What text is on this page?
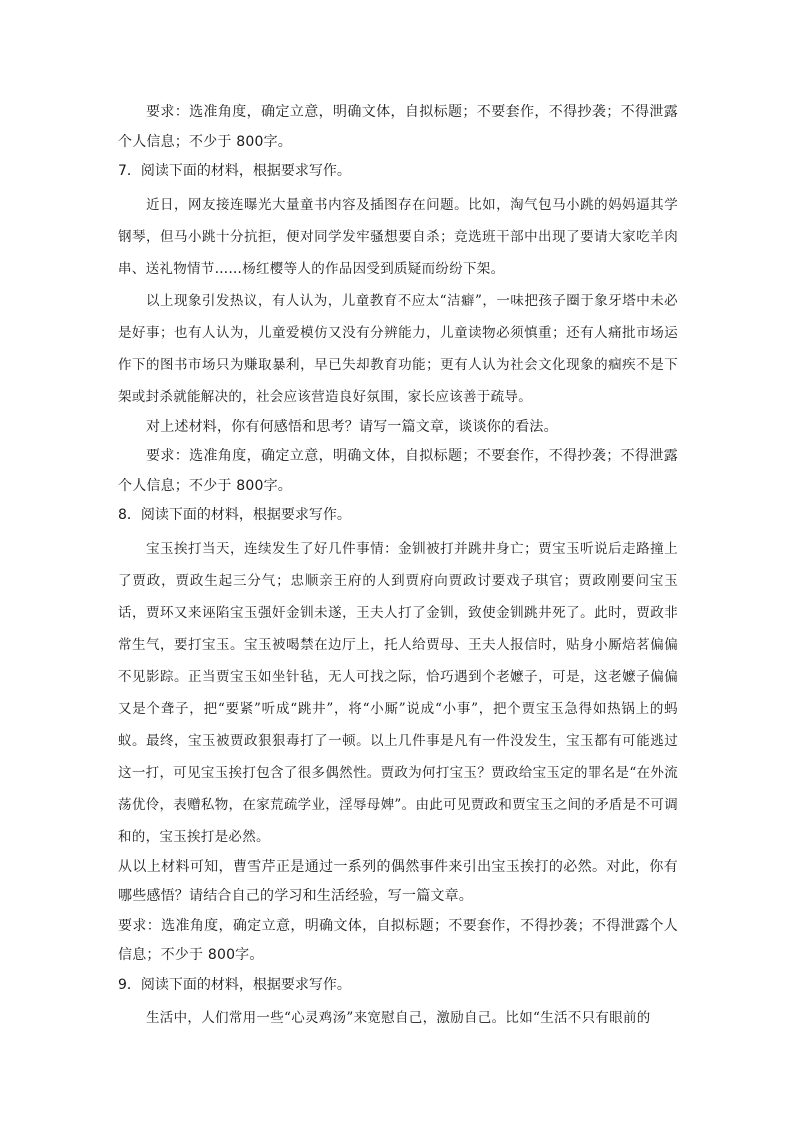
要求：选准角度，确定立意，明确文体，自拟标题；不要套作，不得抄袭；不得泄露个人信息；不少于 800字。

7．阅读下面的材料，根据要求写作。

近日，网友接连曝光大量童书内容及插图存在问题。比如，淘气包马小跳的妈妈逼其学钢琴，但马小跳十分抗拒，便对同学发牢骚想要自杀；竞选班干部中出现了要请大家吃羊肉串、送礼物情节……杨红樱等人的作品因受到质疑而纷纷下架。

以上现象引发热议，有人认为，儿童教育不应太“洁癖”，一味把孩子圈于象牙塔中未必是好事；也有人认为，儿童爱模仿又没有分辨能力，儿童读物必须慎重；还有人痛批市场运作下的图书市场只为赚取暴利，早已失却教育功能；更有人认为社会文化现象的痼疾不是下架或封杀就能解决的，社会应该营造良好氛围，家长应该善于疏导。

对上述材料，你有何感悟和思考？请写一篇文章，谈谈你的看法。

要求：选准角度，确定立意，明确文体，自拟标题；不要套作，不得抄袭；不得泄露个人信息；不少于 800字。

8．阅读下面的材料，根据要求写作。

宝玉挨打当天，连续发生了好几件事情：金钏被打并跳井身亡；贾宝玉听说后走路撞上了贾政，贾政生起三分气；忠顺亲王府的人到贾府向贾政讨要戏子琪官；贾政刚要问宝玉话，贾环又来诬陷宝玉强奸金钏未遂，王夫人打了金钏，致使金钏跳井死了。此时，贾政非常生气，要打宝玉。宝玉被喝禁在边厅上，托人给贾母、王夫人报信时，贴身小厮焙茗偏偏不见影踪。正当贾宝玉如坐针毡，无人可找之际，恰巧遇到个老嬷子，可是，这老嬷子偏偏又是个聋子，把“要紧”听成“跳井”，将“小厮”说成“小事”，把个贾宝玉急得如热锅上的蚂蚁。最终，宝玉被贾政狠狠毒打了一顿。以上几件事是凡有一件没发生，宝玉都有可能逃过这一打，可见宝玉挨打包含了很多偶然性。贾政为何打宝玉？贾政给宝玉定的罪名是“在外流荡优伶，表赠私物，在家荒疏学业，淫辱母婢”。由此可见贾政和贾宝玉之间的矛盾是不可调和的，宝玉挨打是必然。

从以上材料可知，曹雪芹正是通过一系列的偶然事件来引出宝玉挨打的必然。对此，你有哪些感悟？请结合自己的学习和生活经验，写一篇文章。

要求：选准角度，确定立意，明确文体，自拟标题；不要套作，不得抄袭；不得泄露个人信息；不少于 800字。

9．阅读下面的材料，根据要求写作。

生活中，人们常用一些“心灵鸡汤”来宽慰自己，激励自己。比如“生活不只有眼前的
